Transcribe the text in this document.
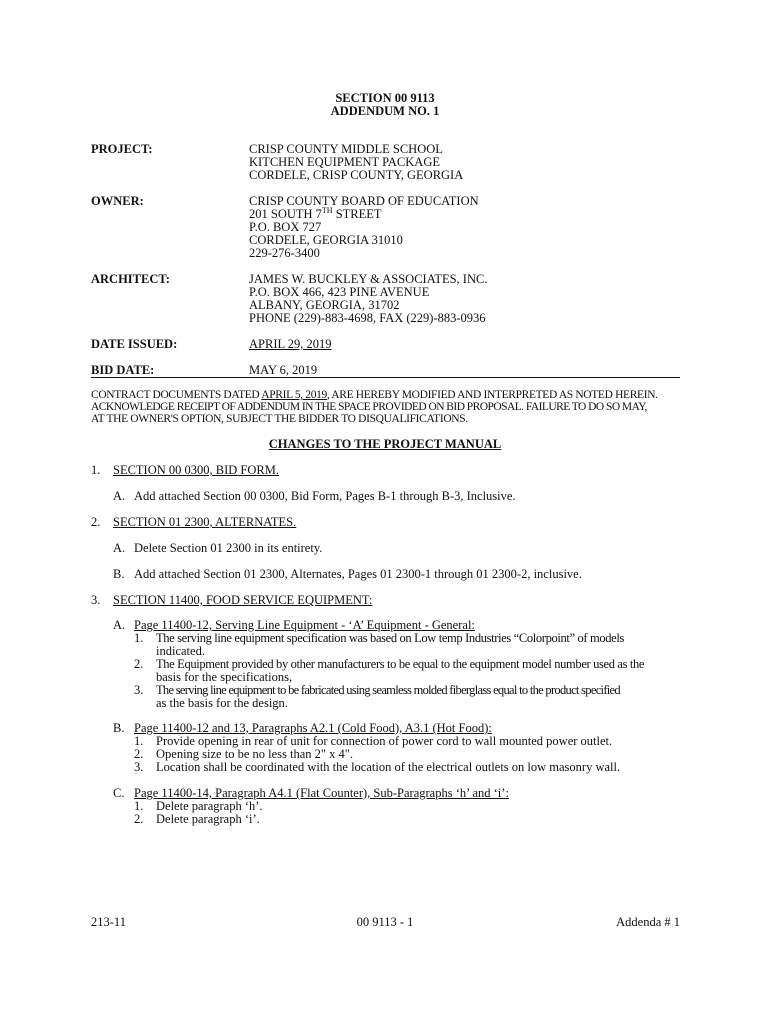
SECTION 00 9113
ADDENDUM NO. 1
PROJECT:	CRISP COUNTY MIDDLE SCHOOL
KITCHEN EQUIPMENT PACKAGE
CORDELE, CRISP COUNTY, GEORGIA
OWNER:	CRISP COUNTY BOARD OF EDUCATION
201 SOUTH 7TH STREET
P.O. BOX 727
CORDELE, GEORGIA 31010
229-276-3400
ARCHITECT:	JAMES W. BUCKLEY & ASSOCIATES, INC.
P.O. BOX 466, 423 PINE AVENUE
ALBANY, GEORGIA, 31702
PHONE (229)-883-4698, FAX (229)-883-0936
DATE ISSUED:	APRIL 29, 2019
BID DATE:	MAY 6, 2019
CONTRACT DOCUMENTS DATED APRIL 5, 2019, ARE HEREBY MODIFIED AND INTERPRETED AS NOTED HEREIN.
ACKNOWLEDGE RECEIPT OF ADDENDUM IN THE SPACE PROVIDED ON BID PROPOSAL. FAILURE TO DO SO MAY,
AT THE OWNER'S OPTION, SUBJECT THE BIDDER TO DISQUALIFICATIONS.
CHANGES TO THE PROJECT MANUAL
1. SECTION 00 0300, BID FORM.
A. Add attached Section 00 0300, Bid Form, Pages B-1 through B-3, Inclusive.
2. SECTION 01 2300, ALTERNATES.
A. Delete Section 01 2300 in its entirety.
B. Add attached Section 01 2300, Alternates, Pages 01 2300-1 through 01 2300-2, inclusive.
3. SECTION 11400, FOOD SERVICE EQUIPMENT:
A. Page 11400-12, Serving Line Equipment - ‘A’ Equipment - General:
1. The serving line equipment specification was based on Low temp Industries “Colorpoint” of models
indicated.
2. The Equipment provided by other manufacturers to be equal to the equipment model number used as the
basis for the specifications,
3. The serving line equipment to be fabricated using seamless molded fiberglass equal to the product specified
as the basis for the design.
B. Page 11400-12 and 13, Paragraphs A2.1 (Cold Food), A3.1 (Hot Food):
1. Provide opening in rear of unit for connection of power cord to wall mounted power outlet.
2. Opening size to be no less than 2" x 4".
3. Location shall be coordinated with the location of the electrical outlets on low masonry wall.
C. Page 11400-14, Paragraph A4.1 (Flat Counter), Sub-Paragraphs ‘h’ and ‘i’:
1. Delete paragraph ‘h’.
2. Delete paragraph ‘i’.
213-11	00 9113 - 1	Addenda # 1
